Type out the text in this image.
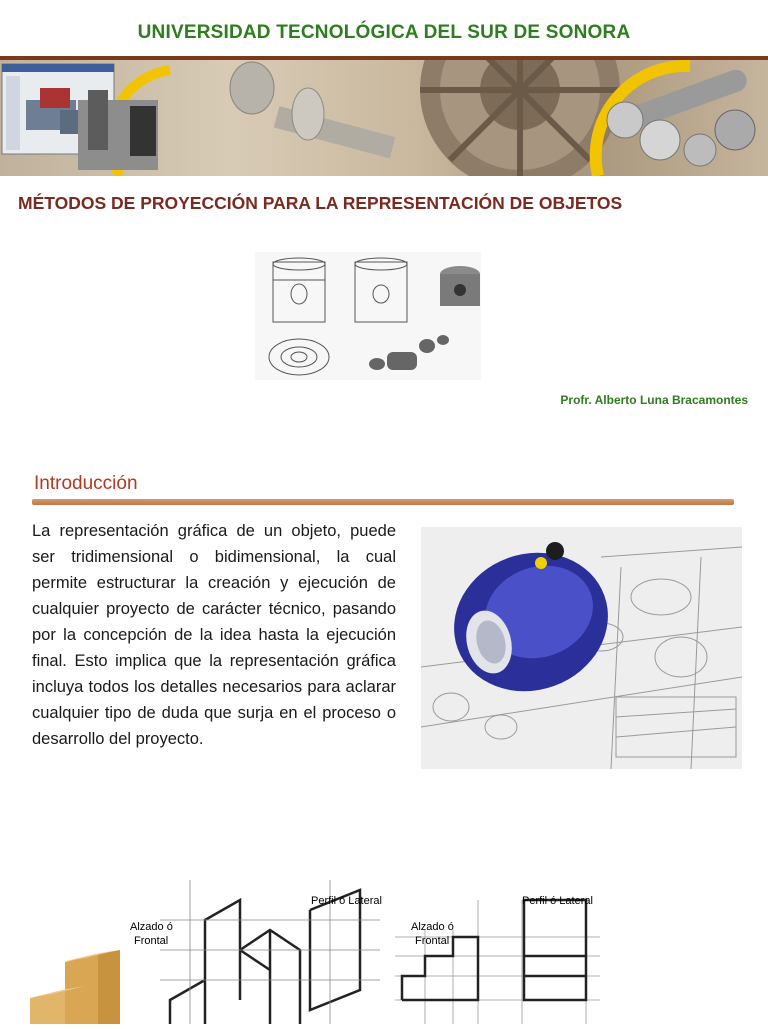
UNIVERSIDAD TECNOLÓGICA DEL SUR DE SONORA
MÉTODOS DE PROYECCIÓN PARA LA REPRESENTACIÓN DE OBJETOS
Profr. Alberto Luna Bracamontes
Introducción
La representación gráfica de un objeto, puede ser tridimensional o bidimensional, la cual permite estructurar la creación y ejecución de cualquier proyecto de carácter técnico, pasando por la concepción de la idea hasta la ejecución final. Esto implica que la representación gráfica incluya todos los detalles necesarios para aclarar cualquier tipo de duda que surja en el proceso o desarrollo del proyecto.
Alzado ó
Frontal
Perfil ó Lateral
Alzado ó
Frontal
Perfil ó Lateral
